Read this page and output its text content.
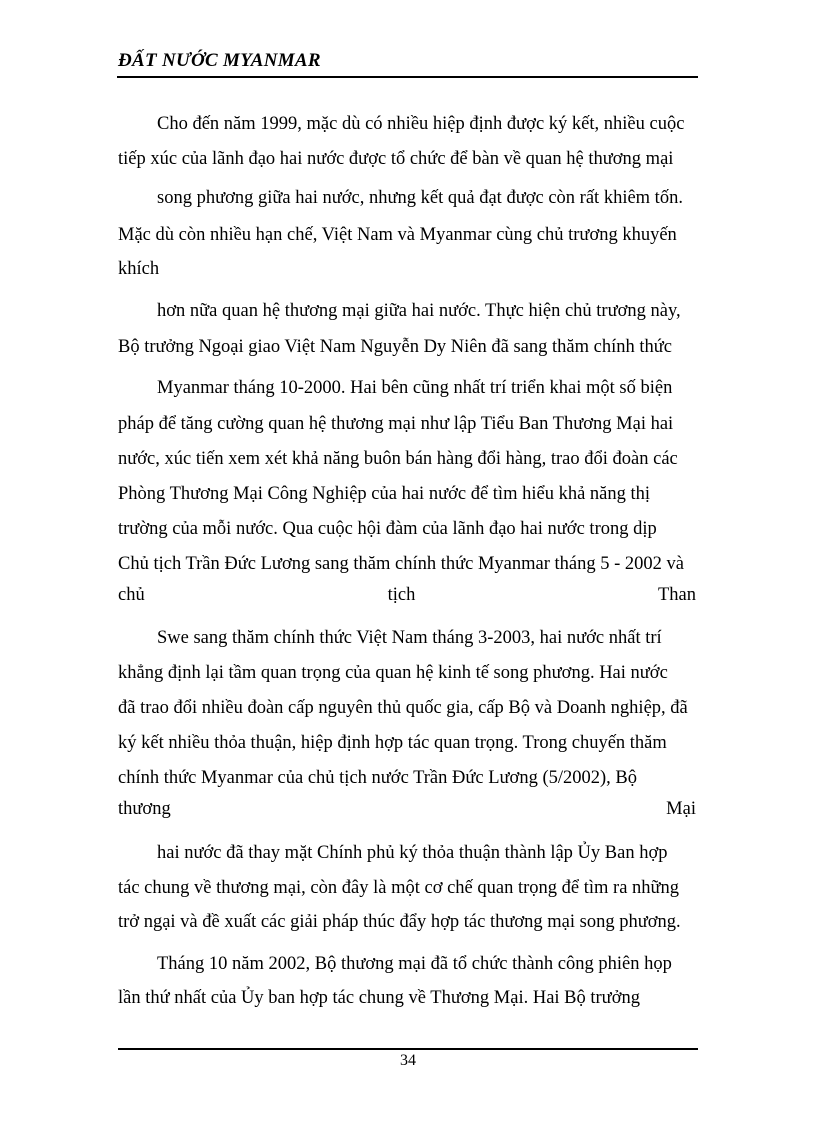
ĐẤT NƯỚC MYANMAR
Cho đến năm 1999, mặc dù có nhiều hiệp định được ký kết, nhiều cuộc
tiếp xúc của lãnh đạo hai nước được tổ chức để bàn về quan hệ thương mại
song phương giữa hai nước, nhưng kết quả đạt được còn rất khiêm tốn.
Mặc dù còn nhiều hạn chế, Việt Nam và Myanmar cùng chủ trương khuyến
khích
hơn nữa quan hệ thương mại giữa hai nước. Thực hiện chủ trương này,
Bộ trưởng Ngoại giao Việt Nam Nguyễn Dy Niên đã sang thăm chính thức
Myanmar tháng 10-2000. Hai bên cũng nhất trí triển khai một số biện
pháp để tăng cường quan hệ thương mại như lập Tiểu Ban Thương Mại hai
nước, xúc tiến xem xét khả năng buôn bán hàng đổi hàng, trao đổi đoàn các
Phòng Thương Mại Công Nghiệp của hai nước để tìm hiểu khả năng thị
trường của mỗi nước. Qua cuộc hội đàm của lãnh đạo hai nước trong dịp
Chủ tịch Trần Đức Lương sang thăm chính thức Myanmar tháng 5 - 2002 và
chủ tịch Than
Swe sang thăm chính thức Việt Nam tháng 3-2003, hai nước nhất trí
khẳng định lại tầm quan trọng của quan hệ kinh tế song phương. Hai nước
đã trao đổi nhiều đoàn cấp nguyên thủ quốc gia, cấp Bộ và Doanh nghiệp, đã
ký kết nhiều thỏa thuận, hiệp định hợp tác quan trọng. Trong chuyến thăm
chính thức Myanmar của chủ tịch nước Trần Đức Lương (5/2002), Bộ
thương Mại
hai nước đã thay mặt Chính phủ ký thỏa thuận thành lập Ủy Ban hợp
tác chung về thương mại, còn đây là một cơ chế quan trọng để tìm ra những
trở ngại và đề xuất các giải pháp thúc đẩy hợp tác thương mại song phương.
Tháng 10 năm 2002, Bộ thương mại đã tổ chức thành công phiên họp
lần thứ nhất của Ủy ban hợp tác chung về Thương Mại. Hai Bộ trưởng
34
